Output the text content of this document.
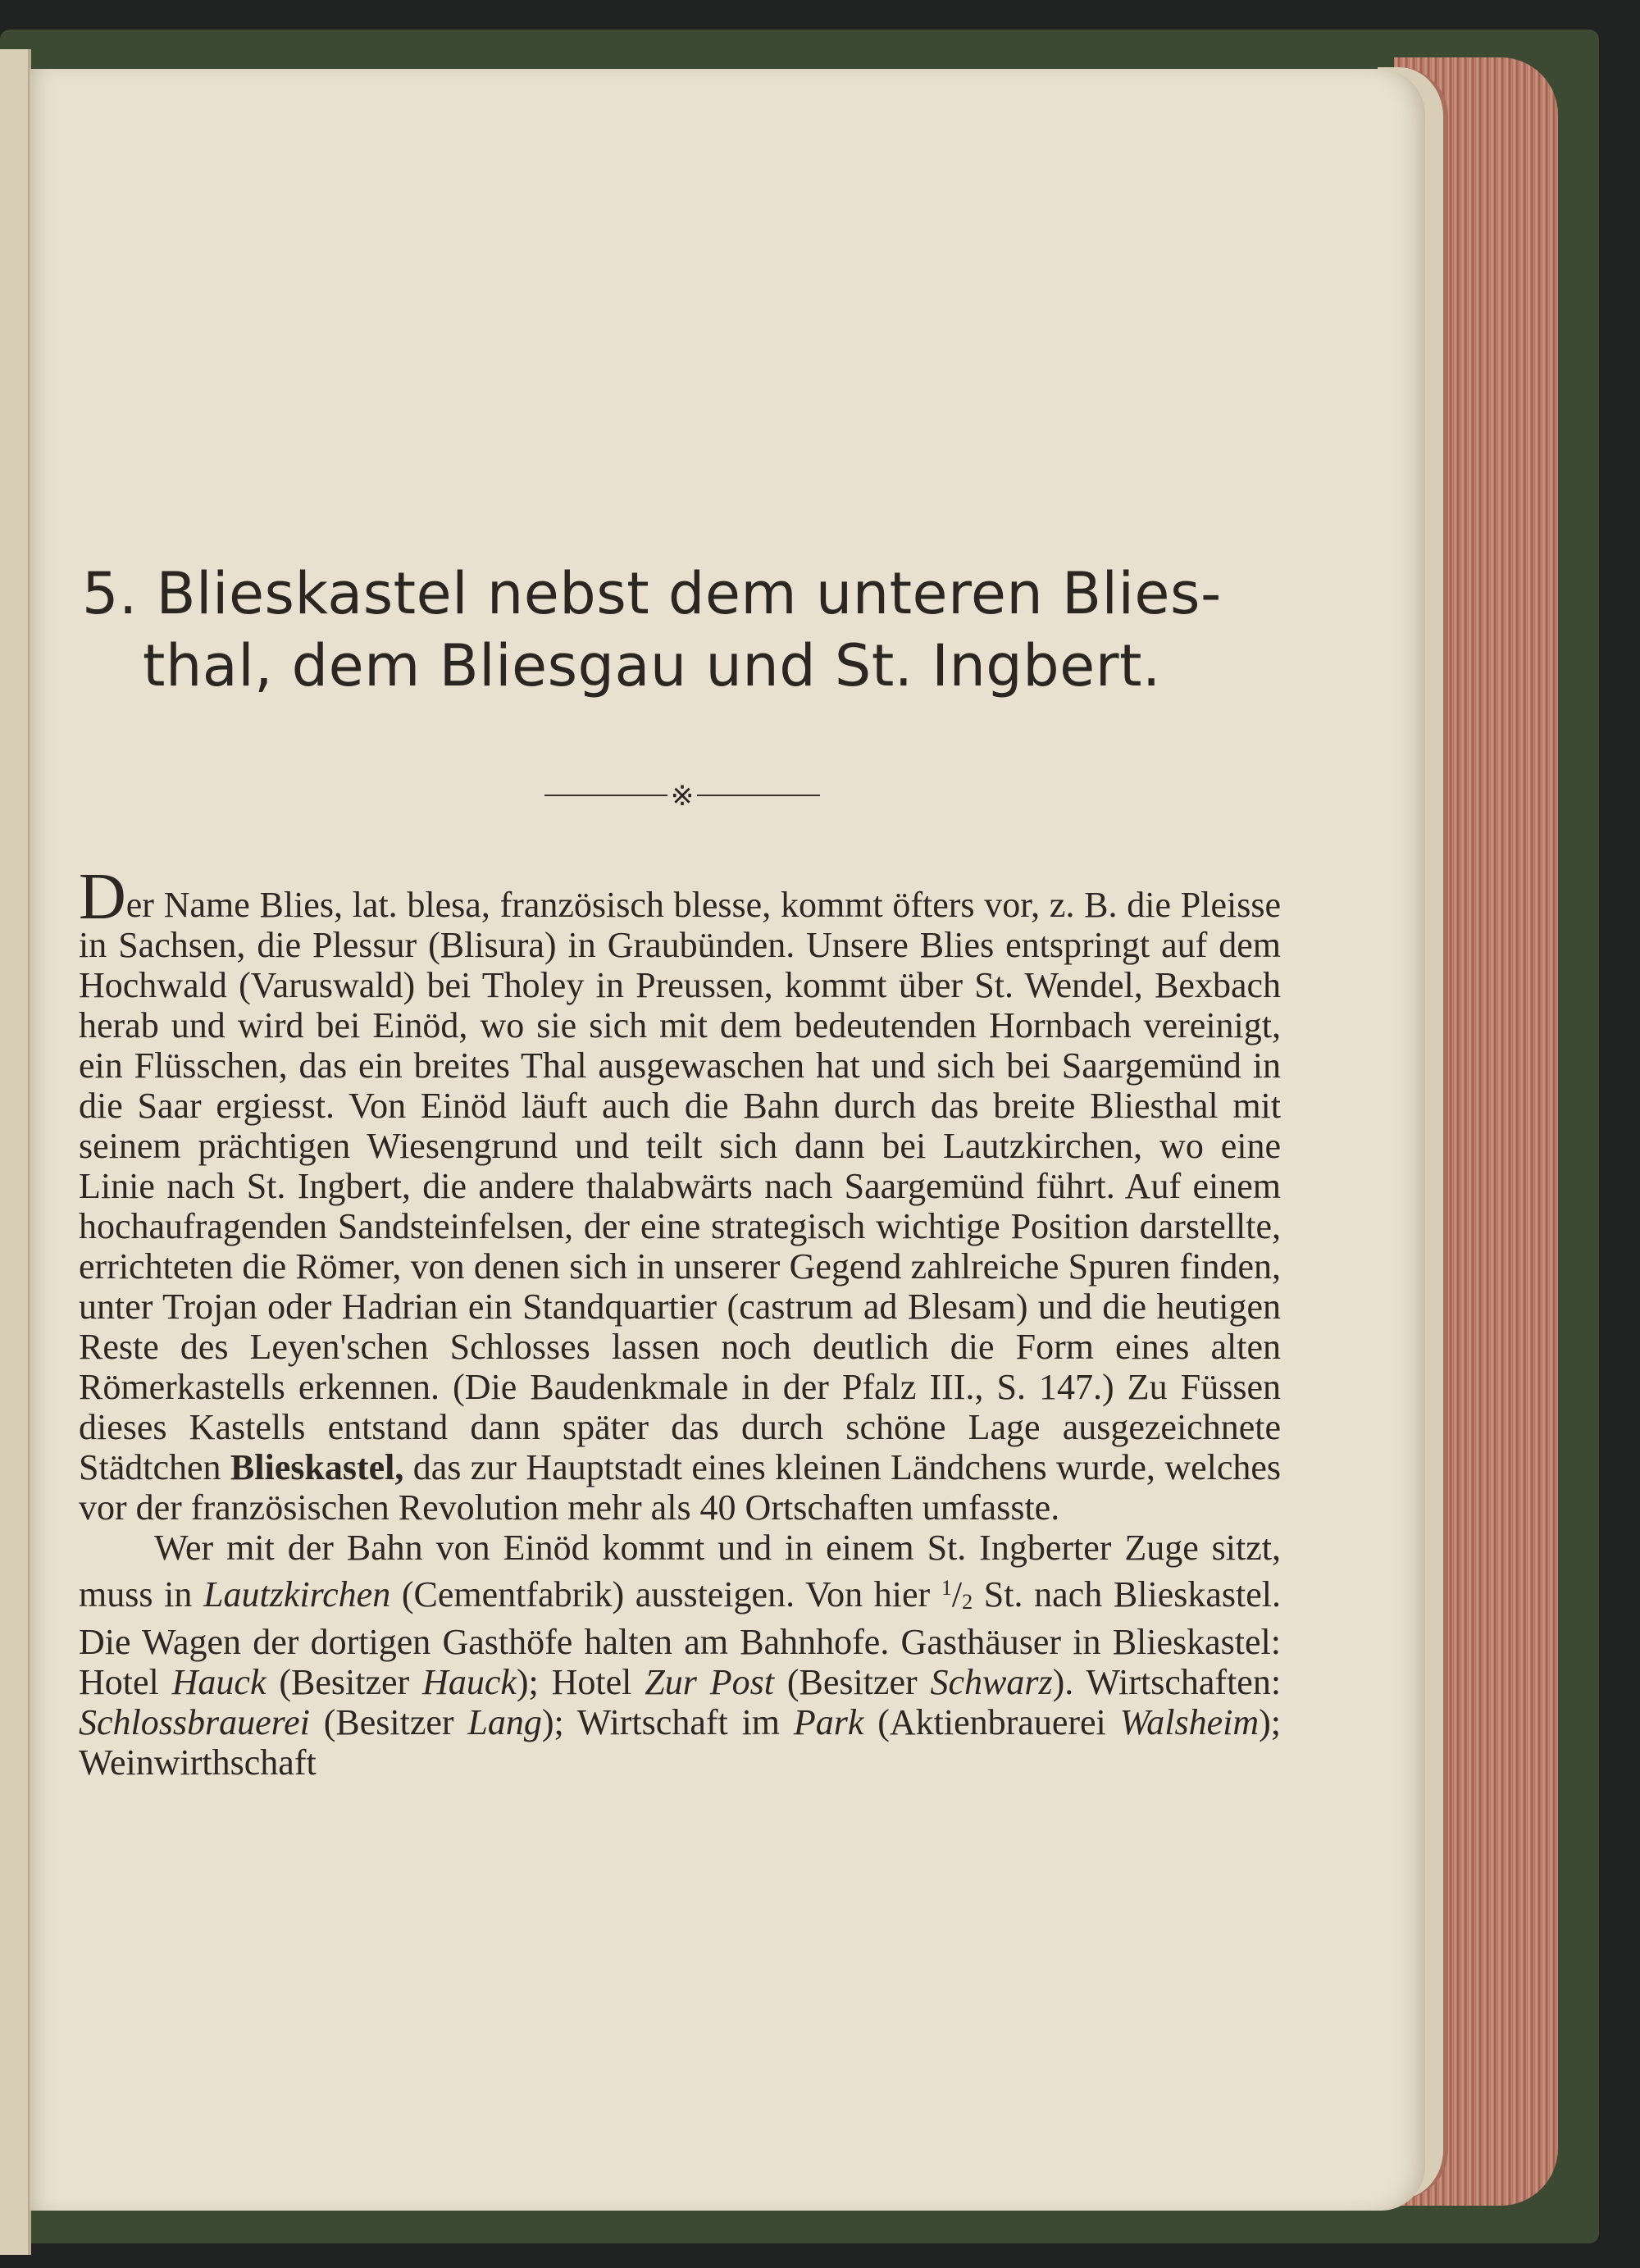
5. Blieskastel nebst dem unteren Blies-
thal, dem Bliesgau und St. Ingbert.
※

Der Name Blies, lat. blesa, französisch blesse, kommt öfters vor, z. B. die Pleisse in Sachsen, die Plessur (Blisura) in Graubünden. Unsere Blies entspringt auf dem Hochwald (Varuswald) bei Tholey in Preussen, kommt über St. Wendel, Bexbach herab und wird bei Einöd, wo sie sich mit dem bedeutenden Hornbach vereinigt, ein Flüsschen, das ein breites Thal ausgewaschen hat und sich bei Saargemünd in die Saar ergiesst. Von Einöd läuft auch die Bahn durch das breite Bliesthal mit seinem prächtigen Wiesengrund und teilt sich dann bei Lautzkirchen, wo eine Linie nach St. Ingbert, die andere thalabwärts nach Saargemünd führt. Auf einem hochaufragenden Sandsteinfelsen, der eine strategisch wichtige Position darstellte, errichteten die Römer, von denen sich in unserer Gegend zahlreiche Spuren finden, unter Trojan oder Hadrian ein Standquartier (castrum ad Blesam) und die heutigen Reste des Leyen'schen Schlosses lassen noch deutlich die Form eines alten Römerkastells erkennen. (Die Baudenkmale in der Pfalz III., S. 147.) Zu Füssen dieses Kastells entstand dann später das durch schöne Lage ausgezeichnete Städtchen Blieskastel, das zur Hauptstadt eines kleinen Ländchens wurde, welches vor der französischen Revolution mehr als 40 Ortschaften umfasste.

Wer mit der Bahn von Einöd kommt und in einem St. Ingberter Zuge sitzt, muss in Lautzkirchen (Cementfabrik) aussteigen. Von hier $^1/_2$ St. nach Blieskastel. Die Wagen der dortigen Gasthöfe halten am Bahnhofe. Gasthäuser in Blieskastel: Hotel Hauck (Besitzer Hauck); Hotel Zur Post (Besitzer Schwarz). Wirtschaften: Schlossbrauerei (Besitzer Lang); Wirtschaft im Park (Aktienbrauerei Walsheim); Weinwirthschaft
